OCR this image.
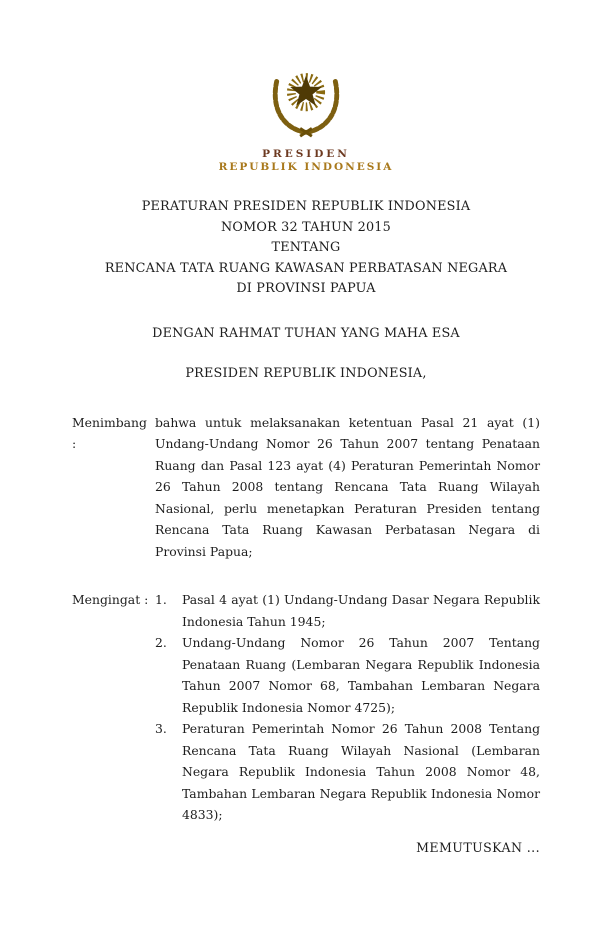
PRESIDEN
REPUBLIK INDONESIA
PERATURAN PRESIDEN REPUBLIK INDONESIA
NOMOR 32 TAHUN 2015
TENTANG
RENCANA TATA RUANG KAWASAN PERBATASAN NEGARA
DI PROVINSI PAPUA
DENGAN RAHMAT TUHAN YANG MAHA ESA
PRESIDEN REPUBLIK INDONESIA,
Menimbang :

bahwa untuk melaksanakan ketentuan Pasal 21 ayat (1) Undang-Undang Nomor 26 Tahun 2007 tentang Penataan Ruang dan Pasal 123 ayat (4) Peraturan Pemerintah Nomor 26 Tahun 2008 tentang Rencana Tata Ruang Wilayah Nasional, perlu menetapkan Peraturan Presiden tentang Rencana Tata Ruang Kawasan Perbatasan Negara di Provinsi Papua;

Mengingat : 1.	Pasal 4 ayat (1) Undang-Undang Dasar Negara Republik Indonesia Tahun 1945;

2.	Undang-Undang Nomor 26 Tahun 2007 Tentang Penataan Ruang (Lembaran Negara Republik Indonesia Tahun 2007 Nomor 68, Tambahan Lembaran Negara Republik Indonesia Nomor 4725);

3.	Peraturan Pemerintah Nomor 26 Tahun 2008 Tentang Rencana Tata Ruang Wilayah Nasional (Lembaran Negara Republik Indonesia Tahun 2008 Nomor 48, Tambahan Lembaran Negara Republik Indonesia Nomor 4833);

MEMUTUSKAN ...
